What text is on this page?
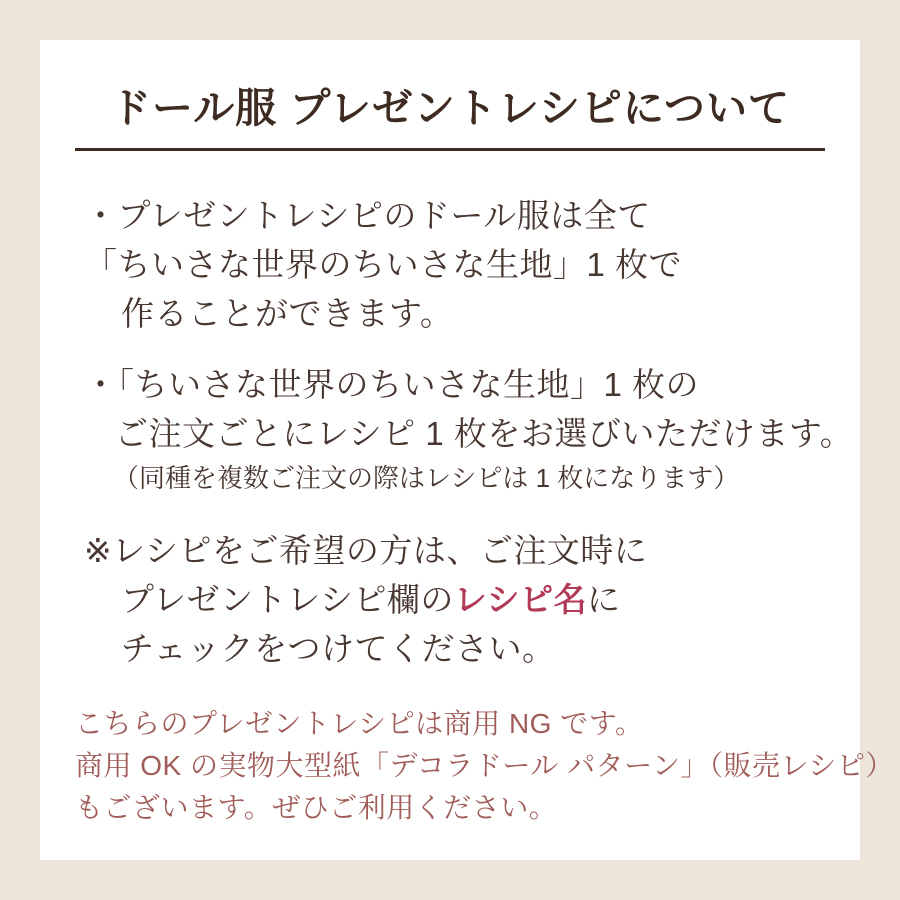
ドール服 プレゼントレシピについて

・プレゼントレシピのドール服は全て

「ちいさな世界のちいさな生地」1 枚で

作ることができます。

・「ちいさな世界のちいさな生地」1 枚の

ご注文ごとにレシピ 1 枚をお選びいただけます。

（同種を複数ご注文の際はレシピは 1 枚になります）

※レシピをご希望の方は、ご注文時に

プレゼントレシピ欄のレシピ名に

チェックをつけてください。

こちらのプレゼントレシピは商用 NG です。

商用 OK の実物大型紙「デコラドール パターン」（販売レシピ）

もございます。ぜひご利用ください。
